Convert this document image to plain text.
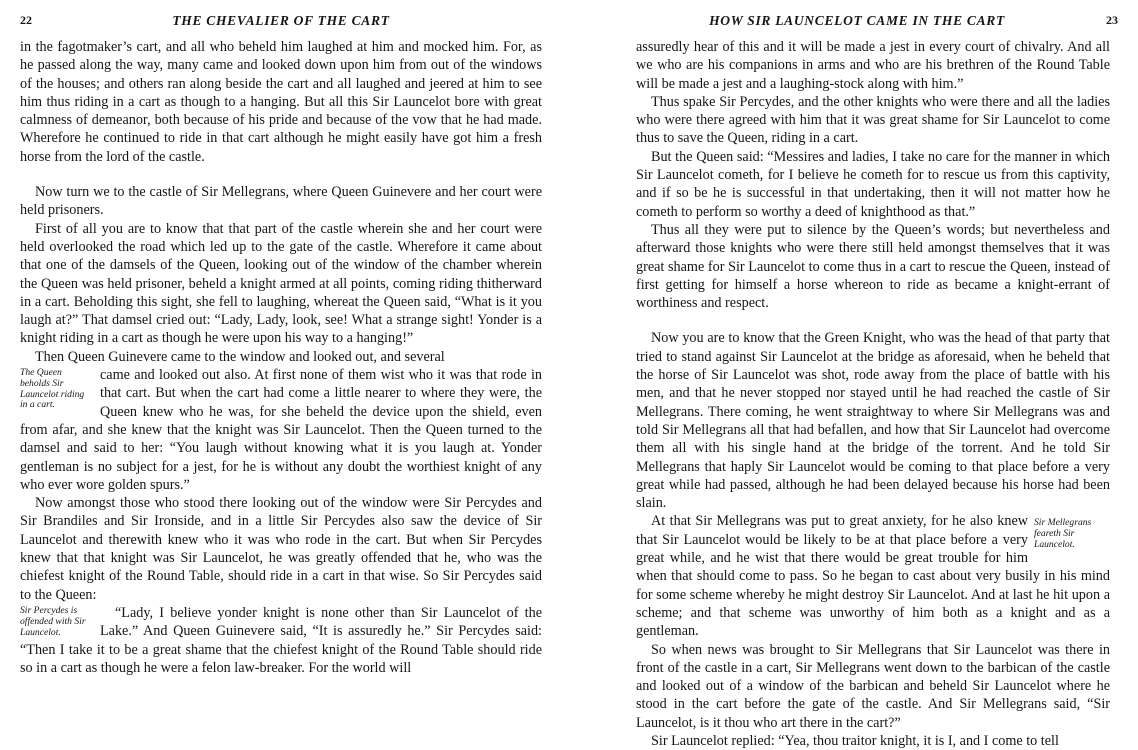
22	THE CHEVALIER OF THE CART

in the fagotmaker’s cart, and all who beheld him laughed at him and mocked him. For, as he passed along the way, many came and looked down upon him from out of the windows of the houses; and others ran along beside the cart and all laughed and jeered at him to see him thus riding in a cart as though to a hanging. But all this Sir Launcelot bore with great calmness of demeanor, both because of his pride and because of the vow that he had made. Wherefore he continued to ride in that cart although he might easily have got him a fresh horse from the lord of the castle.

Now turn we to the castle of Sir Mellegrans, where Queen Guinevere and her court were held prisoners.

First of all you are to know that that part of the castle wherein she and her court were held overlooked the road which led up to the gate of the castle. Wherefore it came about that one of the damsels of the Queen, looking out of the window of the chamber wherein the Queen was held prisoner, beheld a knight armed at all points, coming riding thitherward in a cart. Beholding this sight, she fell to laughing, whereat the Queen said, “What is it you laugh at?” That damsel cried out: “Lady, Lady, look, see! What a strange sight! Yonder is a knight riding in a cart as though he were upon his way to a hanging!”

Then Queen Guinevere came to the window and looked out, and several

The Queen beholds Sir Launcelot riding in a cart.

came and looked out also. At first none of them wist who it was that rode in that cart. But when the cart had come a little nearer to where they were, the Queen knew who he was, for she beheld the device upon the shield, even from afar, and she knew that the knight was Sir Launcelot. Then the Queen turned to the damsel and said to her: “You laugh without knowing what it is you laugh at. Yonder gentleman is no subject for a jest, for he is without any doubt the worthiest knight of any who ever wore golden spurs.”

Now amongst those who stood there looking out of the window were Sir Percydes and Sir Brandiles and Sir Ironside, and in a little Sir Percydes also saw the device of Sir Launcelot and therewith knew who it was who rode in the cart. But when Sir Percydes knew that that knight was Sir Launcelot, he was greatly offended that he, who was the chiefest knight of the Round Table, should ride in a cart in that wise. So Sir Percydes said to the Queen:

Sir Percydes is offended with Sir Launcelot.

“Lady, I believe yonder knight is none other than Sir Launcelot of the Lake.” And Queen Guinevere said, “It is assuredly he.” Sir Percydes said: “Then I take it to be a great shame that the chiefest knight of the Round Table should ride so in a cart as though he were a felon law-breaker. For the world will

HOW SIR LAUNCELOT CAME IN THE CART	23

assuredly hear of this and it will be made a jest in every court of chivalry. And all we who are his companions in arms and who are his brethren of the Round Table will be made a jest and a laughing-stock along with him.”

Thus spake Sir Percydes, and the other knights who were there and all the ladies who were there agreed with him that it was great shame for Sir Launcelot to come thus to save the Queen, riding in a cart.

But the Queen said: “Messires and ladies, I take no care for the manner in which Sir Launcelot cometh, for I believe he cometh for to rescue us from this captivity, and if so be he is successful in that undertaking, then it will not matter how he cometh to perform so worthy a deed of knighthood as that.”

Thus all they were put to silence by the Queen’s words; but nevertheless and afterward those knights who were there still held amongst themselves that it was great shame for Sir Launcelot to come thus in a cart to rescue the Queen, instead of first getting for himself a horse whereon to ride as became a knight-errant of worthiness and respect.

Now you are to know that the Green Knight, who was the head of that party that tried to stand against Sir Launcelot at the bridge as aforesaid, when he beheld that the horse of Sir Launcelot was shot, rode away from the place of battle with his men, and that he never stopped nor stayed until he had reached the castle of Sir Mellegrans. There coming, he went straightway to where Sir Mellegrans was and told Sir Mellegrans all that had befallen, and how that Sir Launcelot had overcome them all with his single hand at the bridge of the torrent. And he told Sir Mellegrans that haply Sir Launcelot would be coming to that place before a very great while had passed, although he had been delayed because his horse had been slain.

Sir Mellegrans feareth Sir Launcelot.

At that Sir Mellegrans was put to great anxiety, for he also knew that Sir Launcelot would be likely to be at that place before a very great while, and he wist that there would be great trouble for him when that should come to pass. So he began to cast about very busily in his mind for some scheme whereby he might destroy Sir Launcelot. And at last he hit upon a scheme; and that scheme was unworthy of him both as a knight and as a gentleman.

So when news was brought to Sir Mellegrans that Sir Launcelot was there in front of the castle in a cart, Sir Mellegrans went down to the barbican of the castle and looked out of a window of the barbican and beheld Sir Launcelot where he stood in the cart before the gate of the castle. And Sir Mellegrans said, “Sir Launcelot, is it thou who art there in the cart?”

Sir Launcelot replied: “Yea, thou traitor knight, it is I, and I come to tell
